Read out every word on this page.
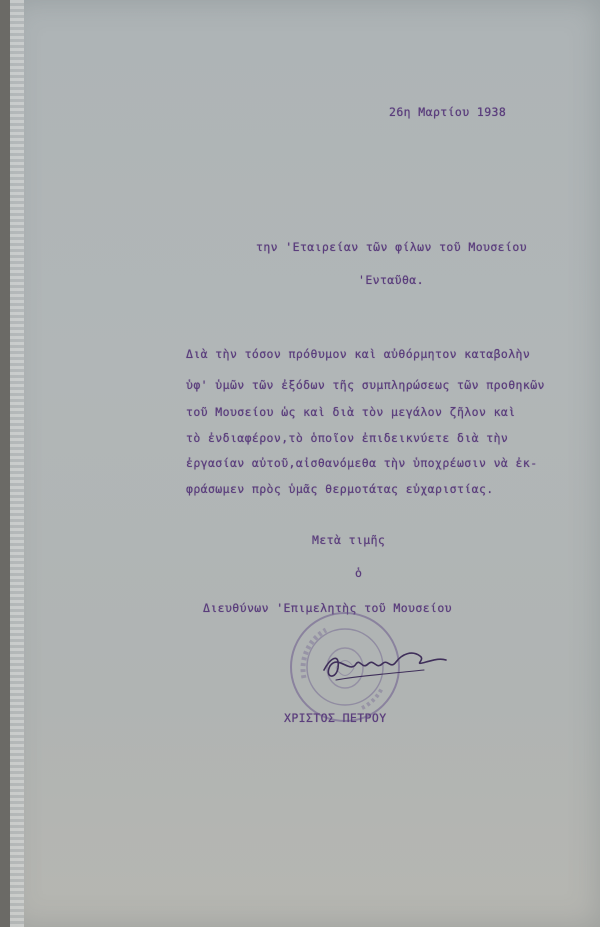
26η Μαρτίου 1938
την 'Εταιρείαν τῶν φίλων τοῦ Μουσείου
'Ενταῦθα.
Διὰ τὴν τόσον πρόθυμον καὶ αὐθόρμητον καταβολὴν
ὑφ' ὑμῶν τῶν ἐξόδων τῆς συμπληρώσεως τῶν προθηκῶν
τοῦ Μουσείου ὡς καὶ διὰ τὸν μεγάλον ζῆλον καὶ
τὸ ἐνδιαφέρον,τὸ ὁποῖον ἐπιδεικνύετε διὰ τὴν
ἐργασίαν αὐτοῦ,αἰσθανόμεθα τὴν ὑποχρέωσιν νὰ ἐκ-
φράσωμεν πρὸς ὑμᾶς θερμοτάτας εὐχαριστίας.
Μετὰ τιμῆς
ὁ
Διευθύνων 'Επιμελητὴς τοῦ Μουσείου
ΧΡΙΣΤΟΣ ΠΕΤΡΟΥ
